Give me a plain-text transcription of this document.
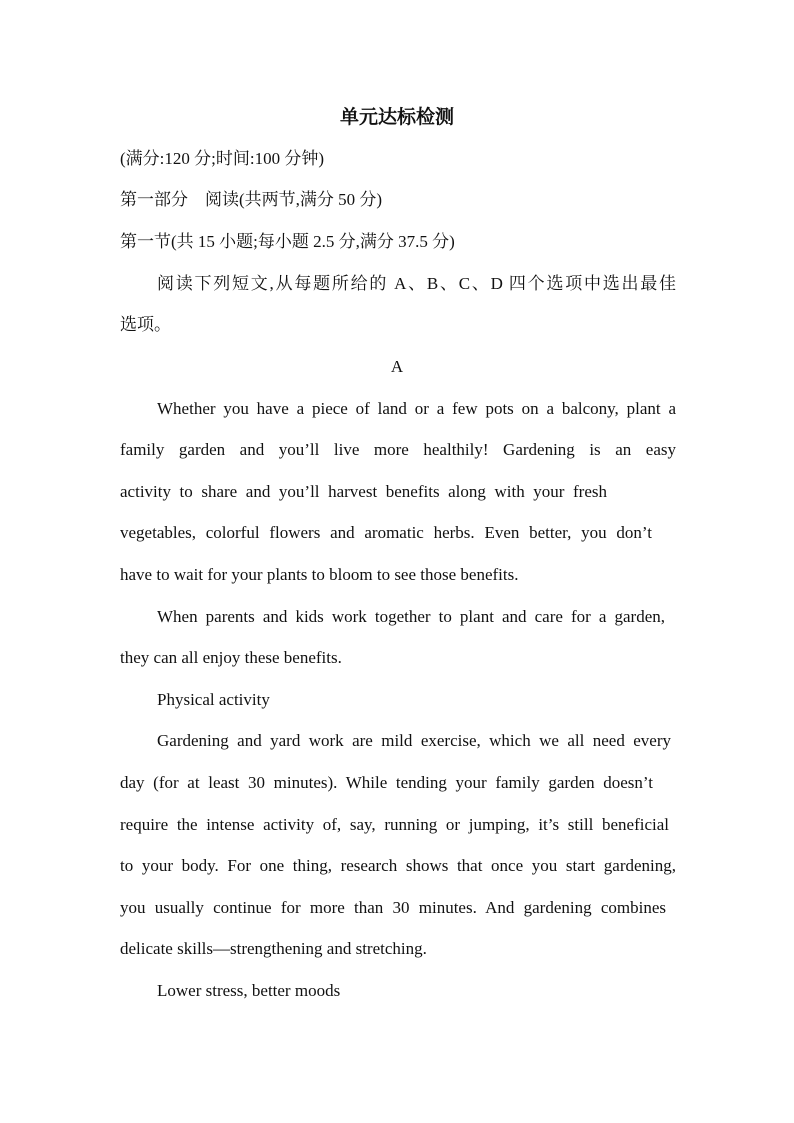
单元达标检测
(满分:120 分;时间:100 分钟)
第一部分　阅读(共两节,满分 50 分)
第一节(共 15 小题;每小题 2.5 分,满分 37.5 分)
阅读下列短文,从每题所给的 A、B、C、D 四个选项中选出最佳
选项。
A
Whether you have a piece of land or a few pots on a balcony, plant a
family garden and you’ll live more healthily! Gardening is an easy
activity to share and you’ll harvest benefits along with your fresh
vegetables, colorful flowers and aromatic herbs. Even better, you don’t
have to wait for your plants to bloom to see those benefits.
When parents and kids work together to plant and care for a garden,
they can all enjoy these benefits.
Physical activity
Gardening and yard work are mild exercise, which we all need every
day (for at least 30 minutes). While tending your family garden doesn’t
require the intense activity of, say, running or jumping, it’s still beneficial
to your body. For one thing, research shows that once you start gardening,
you usually continue for more than 30 minutes. And gardening combines
delicate skills—strengthening and stretching.
Lower stress, better moods
